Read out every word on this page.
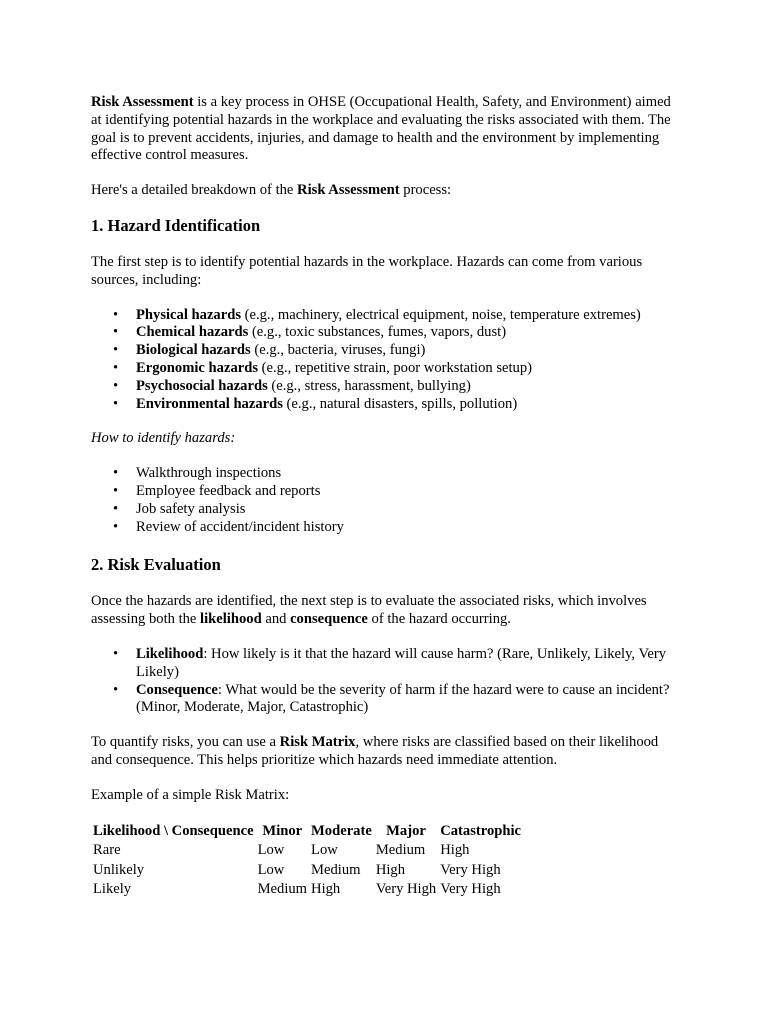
Risk Assessment is a key process in OHSE (Occupational Health, Safety, and Environment) aimed at identifying potential hazards in the workplace and evaluating the risks associated with them. The goal is to prevent accidents, injuries, and damage to health and the environment by implementing effective control measures.

Here's a detailed breakdown of the Risk Assessment process:

1. Hazard Identification

The first step is to identify potential hazards in the workplace. Hazards can come from various sources, including:

• Physical hazards (e.g., machinery, electrical equipment, noise, temperature extremes)
• Chemical hazards (e.g., toxic substances, fumes, vapors, dust)
• Biological hazards (e.g., bacteria, viruses, fungi)
• Ergonomic hazards (e.g., repetitive strain, poor workstation setup)
• Psychosocial hazards (e.g., stress, harassment, bullying)
• Environmental hazards (e.g., natural disasters, spills, pollution)

How to identify hazards:

• Walkthrough inspections
• Employee feedback and reports
• Job safety analysis
• Review of accident/incident history
2. Risk Evaluation

Once the hazards are identified, the next step is to evaluate the associated risks, which involves assessing both the likelihood and consequence of the hazard occurring.

• Likelihood: How likely is it that the hazard will cause harm? (Rare, Unlikely, Likely, Very Likely)
• Consequence: What would be the severity of harm if the hazard were to cause an incident? (Minor, Moderate, Major, Catastrophic)

To quantify risks, you can use a Risk Matrix, where risks are classified based on their likelihood and consequence. This helps prioritize which hazards need immediate attention.

Example of a simple Risk Matrix:

Likelihood \ Consequence	Minor	Moderate	Major	Catastrophic
Rare	Low	Low	Medium	High
Unlikely	Low	Medium	High	Very High
Likely	Medium	High	Very High	Very High
